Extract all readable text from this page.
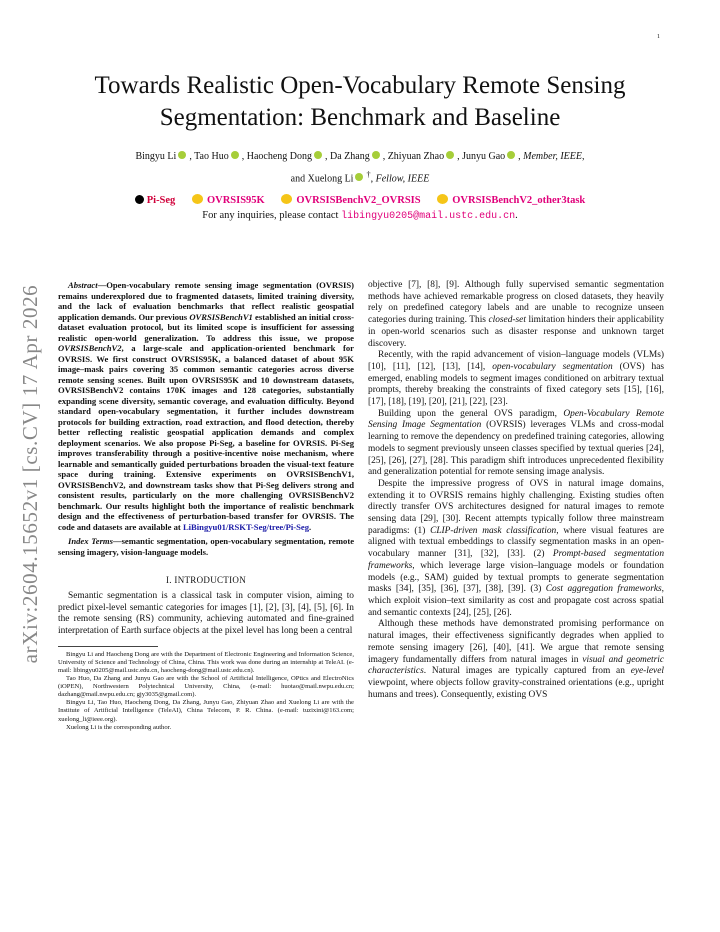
1
arXiv:2604.15652v1 [cs.CV] 17 Apr 2026
Towards Realistic Open-Vocabulary Remote Sensing
Segmentation: Benchmark and Baseline
Bingyu Li , Tao Huo , Haocheng Dong , Da Zhang , Zhiyuan Zhao , Junyu Gao , Member, IEEE,
and Xuelong Li †, Fellow, IEEE
Pi-Seg	OVRSIS95K	OVRSISBenchV2_OVRSIS	OVRSISBenchV2_other3task
For any inquiries, please contact libingyu0205@mail.ustc.edu.cn.

Abstract—Open-vocabulary remote sensing image segmentation (OVRSIS) remains underexplored due to fragmented datasets, limited training diversity, and the lack of evaluation benchmarks that reflect realistic geospatial application demands. Our previous OVRSISBenchV1 established an initial cross-dataset evaluation protocol, but its limited scope is insufficient for assessing realistic open-world generalization. To address this issue, we propose OVRSISBenchV2, a large-scale and application-oriented benchmark for OVRSIS. We first construct OVRSIS95K, a balanced dataset of about 95K image–mask pairs covering 35 common semantic categories across diverse remote sensing scenes. Built upon OVRSIS95K and 10 downstream datasets, OVRSISBenchV2 contains 170K images and 128 categories, substantially expanding scene diversity, semantic coverage, and evaluation difficulty. Beyond standard open-vocabulary segmentation, it further includes downstream protocols for building extraction, road extraction, and flood detection, thereby better reflecting realistic geospatial application demands and complex deployment scenarios. We also propose Pi-Seg, a baseline for OVRSIS. Pi-Seg improves transferability through a positive-incentive noise mechanism, where learnable and semantically guided perturbations broaden the visual-text feature space during training. Extensive experiments on OVRSISBenchV1, OVRSISBenchV2, and downstream tasks show that Pi-Seg delivers strong and consistent results, particularly on the more challenging OVRSISBenchV2 benchmark. Our results highlight both the importance of realistic benchmark design and the effectiveness of perturbation-based transfer for OVRSIS. The code and datasets are available at LiBingyu01/RSKT-Seg/tree/Pi-Seg.

Index Terms—semantic segmentation, open-vocabulary segmentation, remote sensing imagery, vision-language models.

I. INTRODUCTION

Semantic segmentation is a classical task in computer vision, aiming to predict pixel-level semantic categories for images [1], [2], [3], [4], [5], [6]. In the remote sensing (RS) community, achieving automated and fine-grained interpretation of Earth surface objects at the pixel level has long been a central

Bingyu Li and Haocheng Dong are with the Department of Electronic Engineering and Information Science, University of Science and Technology of China, China. This work was done during an internship at TeleAI. (e-mail: libingyu0205@mail.ustc.edu.cn, haocheng-dong@mail.ustc.edu.cn).

Tao Huo, Da Zhang and Junyu Gao are with the School of Artificial Intelligence, OPtics and ElectroNics (iOPEN), Northwestern Polytechnical University, China, (e-mail: huotao@mail.nwpu.edu.cn; dazhang@mail.nwpu.edu.cn; gjy3035@gmail.com).

Bingyu Li, Tao Huo, Haocheng Dong, Da Zhang, Junyu Gao, Zhiyuan Zhao and Xuelong Li are with the Institute of Artificial Intelligence (TeleAI), China Telecom, P. R. China. (e-mail: tuzixini@163.com; xuelong_li@ieee.org).

Xuelong Li is the corresponding author.

objective [7], [8], [9]. Although fully supervised semantic segmentation methods have achieved remarkable progress on closed datasets, they heavily rely on predefined category labels and are unable to recognize unseen categories during training. This closed-set limitation hinders their applicability in open-world scenarios such as disaster response and unknown target discovery.

Recently, with the rapid advancement of vision–language models (VLMs) [10], [11], [12], [13], [14], open-vocabulary segmentation (OVS) has emerged, enabling models to segment images conditioned on arbitrary textual prompts, thereby breaking the constraints of fixed category sets [15], [16], [17], [18], [19], [20], [21], [22], [23].

Building upon the general OVS paradigm, Open-Vocabulary Remote Sensing Image Segmentation (OVRSIS) leverages VLMs and cross-modal learning to remove the dependency on predefined training categories, allowing models to segment previously unseen classes specified by textual queries [24], [25], [26], [27], [28]. This paradigm shift introduces unprecedented flexibility and generalization potential for remote sensing image analysis.

Despite the impressive progress of OVS in natural image domains, extending it to OVRSIS remains highly challenging. Existing studies often directly transfer OVS architectures designed for natural images to remote sensing data [29], [30]. Recent attempts typically follow three mainstream paradigms: (1) CLIP-driven mask classification, where visual features are aligned with textual embeddings to classify segmentation masks in an open-vocabulary manner [31], [32], [33]. (2) Prompt-based segmentation frameworks, which leverage large vision–language models or foundation models (e.g., SAM) guided by textual prompts to generate segmentation masks [34], [35], [36], [37], [38], [39]. (3) Cost aggregation frameworks, which exploit vision–text similarity as cost and propagate cost across spatial and semantic contexts [24], [25], [26].

Although these methods have demonstrated promising performance on natural images, their effectiveness significantly degrades when applied to remote sensing imagery [26], [40], [41]. We argue that remote sensing imagery fundamentally differs from natural images in visual and geometric characteristics. Natural images are typically captured from an eye-level viewpoint, where objects follow gravity-constrained orientations (e.g., upright humans and trees). Consequently, existing OVS
